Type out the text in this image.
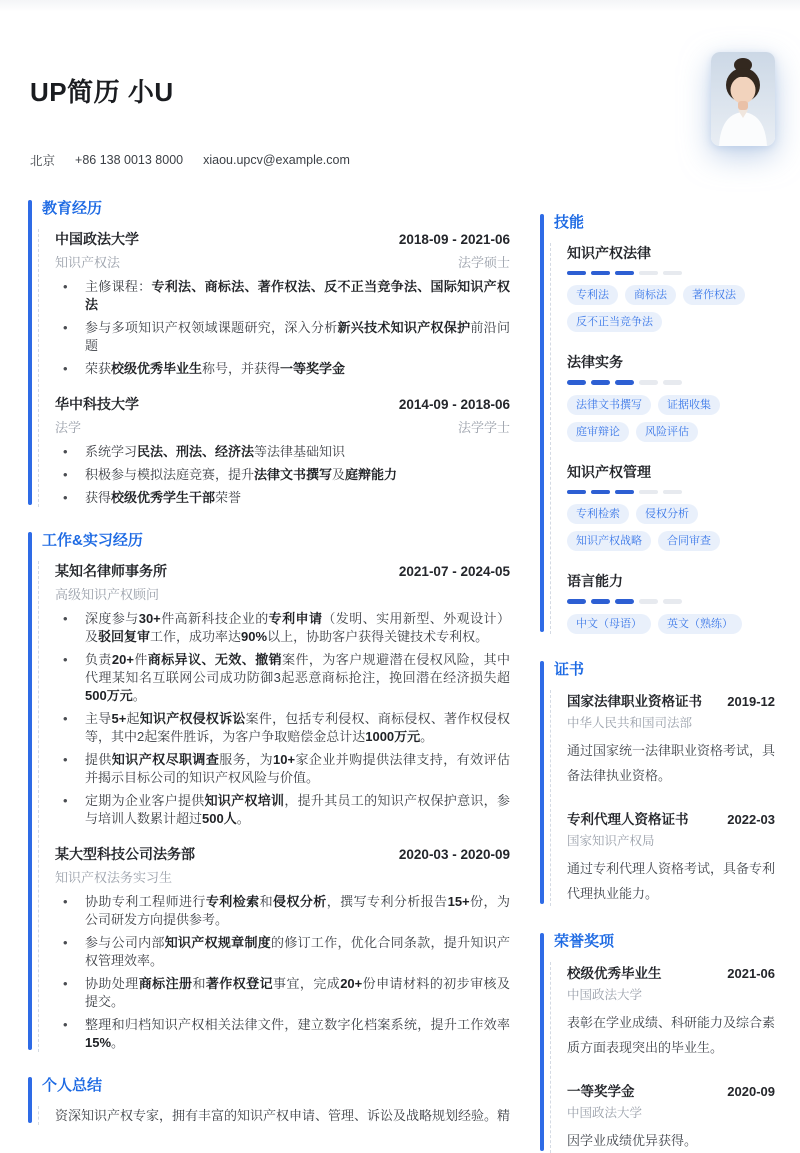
UP简历 小U
北京 +86 138 0013 8000 xiaou.upcv@example.com
教育经历
中国政法大学	2018-09 - 2021-06
知识产权法	法学硕士
•	主修课程：专利法、商标法、著作权法、反不正当竞争法、国际知识产权法
•	参与多项知识产权领域课题研究，深入分析新兴技术知识产权保护前沿问题
•	荣获校级优秀毕业生称号，并获得一等奖学金
华中科技大学	2014-09 - 2018-06
法学	法学学士
•	系统学习民法、刑法、经济法等法律基础知识
•	积极参与模拟法庭竞赛，提升法律文书撰写及庭辩能力
•	获得校级优秀学生干部荣誉
工作&实习经历
某知名律师事务所	2021-07 - 2024-05
高级知识产权顾问
•	深度参与30+件高新科技企业的专利申请（发明、实用新型、外观设计）及驳回复审工作，成功率达90%以上，协助客户获得关键技术专利权。
•	负责20+件商标异议、无效、撤销案件，为客户规避潜在侵权风险，其中代理某知名互联网公司成功防御3起恶意商标抢注，挽回潜在经济损失超500万元。
•	主导5+起知识产权侵权诉讼案件，包括专利侵权、商标侵权、著作权侵权等，其中2起案件胜诉，为客户争取赔偿金总计达1000万元。
•	提供知识产权尽职调查服务，为10+家企业并购提供法律支持，有效评估并揭示目标公司的知识产权风险与价值。
•	定期为企业客户提供知识产权培训，提升其员工的知识产权保护意识，参与培训人数累计超过500人。
某大型科技公司法务部	2020-03 - 2020-09
知识产权法务实习生
•	协助专利工程师进行专利检索和侵权分析，撰写专利分析报告15+份，为公司研发方向提供参考。
•	参与公司内部知识产权规章制度的修订工作，优化合同条款，提升知识产权管理效率。
•	协助处理商标注册和著作权登记事宜，完成20+份申请材料的初步审核及提交。
•	整理和归档知识产权相关法律文件，建立数字化档案系统，提升工作效率15%。
个人总结
资深知识产权专家，拥有丰富的知识产权申请、管理、诉讼及战略规划经验。精
技能
知识产权法律
专利法	商标法	著作权法
反不正当竞争法
法律实务
法律文书撰写	证据收集
庭审辩论	风险评估
知识产权管理
专利检索	侵权分析
知识产权战略	合同审查
语言能力
中文（母语）	英文（熟练）
证书
国家法律职业资格证书 2019-12
中华人民共和国司法部
通过国家统一法律职业资格考试，具备法律执业资格。
专利代理人资格证书	2022-03
国家知识产权局
通过专利代理人资格考试，具备专利代理执业能力。
荣誉奖项
校级优秀毕业生	2021-06
中国政法大学
表彰在学业成绩、科研能力及综合素质方面表现突出的毕业生。
一等奖学金	2020-09
中国政法大学
因学业成绩优异获得。
